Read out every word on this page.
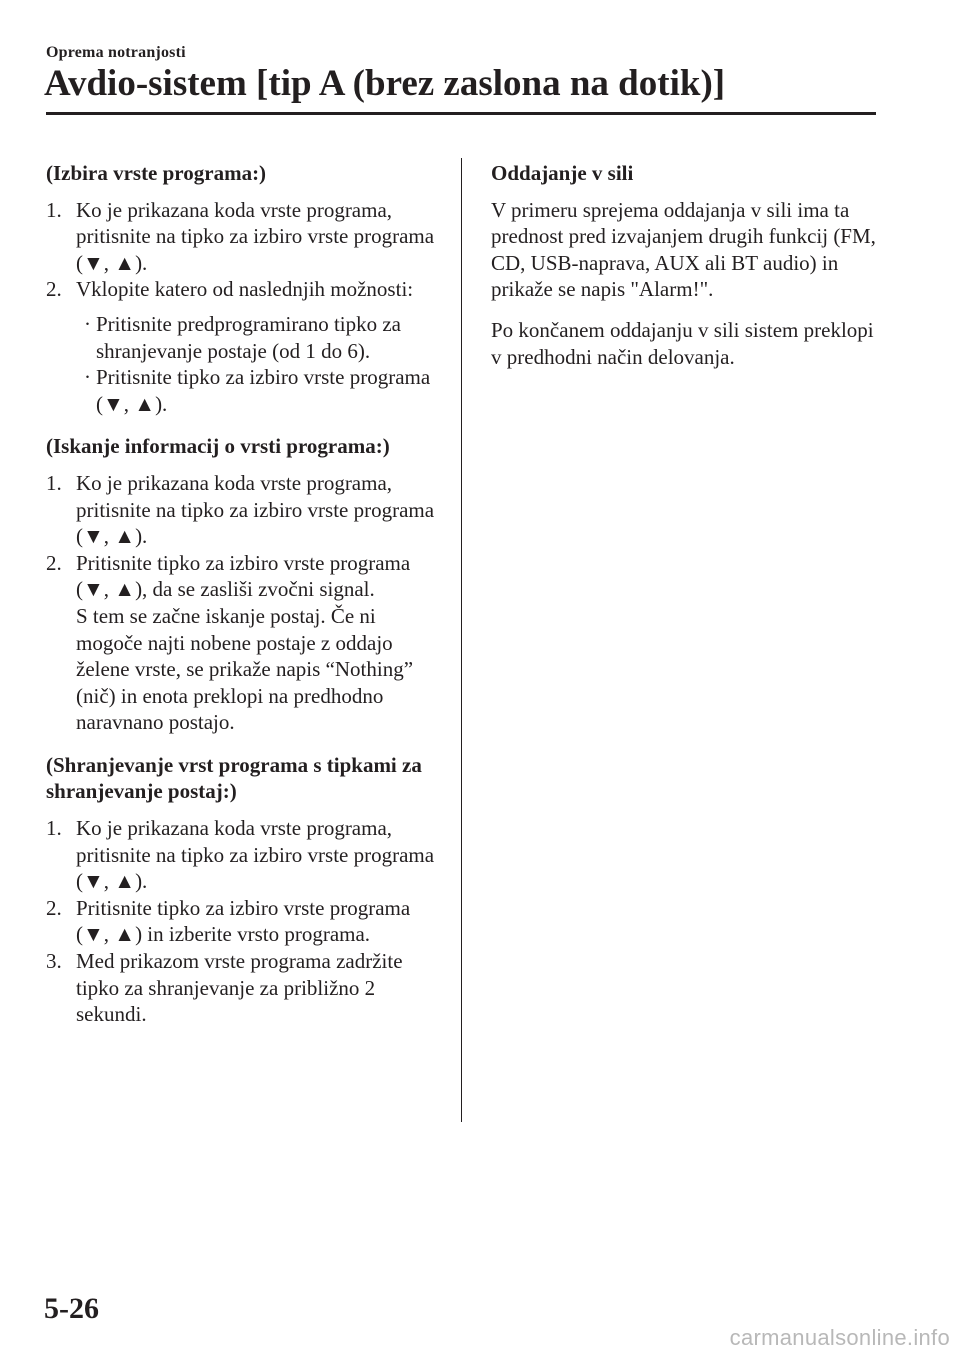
Oprema notranjosti
Avdio-sistem [tip A (brez zaslona na dotik)]
(Izbira vrste programa:)
1. Ko je prikazana koda vrste programa, pritisnite na tipko za izbiro vrste programa (▼, ▲).
2. Vklopite katero od naslednjih možnosti:
· Pritisnite predprogramirano tipko za shranjevanje postaje (od 1 do 6).
· Pritisnite tipko za izbiro vrste programa (▼, ▲).
(Iskanje informacij o vrsti programa:)
1. Ko je prikazana koda vrste programa, pritisnite na tipko za izbiro vrste programa (▼, ▲).
2. Pritisnite tipko za izbiro vrste programa (▼, ▲), da se zasliši zvočni signal.
S tem se začne iskanje postaj. Če ni mogoče najti nobene postaje z oddajo želene vrste, se prikaže napis “Nothing” (nič) in enota preklopi na predhodno naravnano postajo.
(Shranjevanje vrst programa s tipkami za shranjevanje postaj:)
1. Ko je prikazana koda vrste programa, pritisnite na tipko za izbiro vrste programa (▼, ▲).
2. Pritisnite tipko za izbiro vrste programa (▼, ▲) in izberite vrsto programa.
3. Med prikazom vrste programa zadržite tipko za shranjevanje za približno 2 sekundi.
Oddajanje v sili
V primeru sprejema oddajanja v sili ima ta prednost pred izvajanjem drugih funkcij (FM, CD, USB-naprava, AUX ali BT audio) in prikaže se napis "Alarm!".
Po končanem oddajanju v sili sistem preklopi v predhodni način delovanja.
5-26
carmanualsonline.info
